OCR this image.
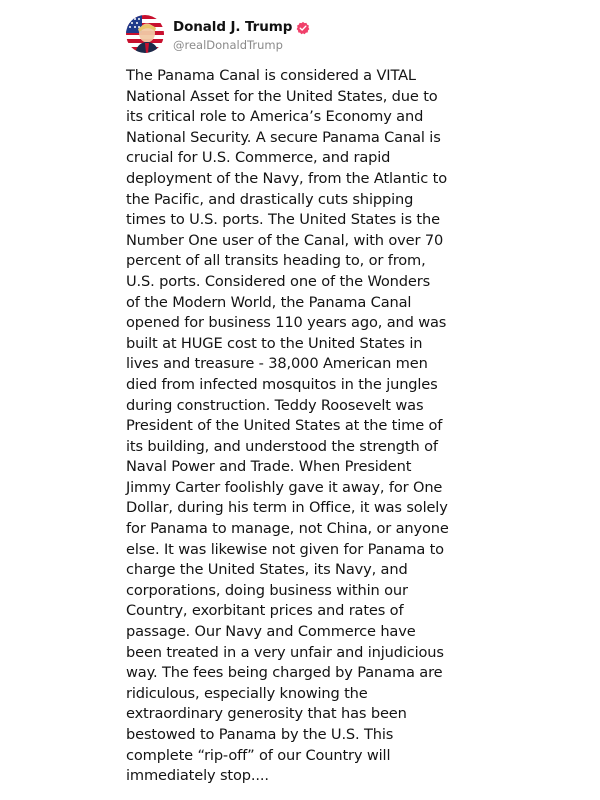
Donald J. Trump
@realDonaldTrump

The Panama Canal is considered a VITAL
National Asset for the United States, due to
its critical role to America’s Economy and
National Security. A secure Panama Canal is
crucial for U.S. Commerce, and rapid
deployment of the Navy, from the Atlantic to
the Pacific, and drastically cuts shipping
times to U.S. ports. The United States is the
Number One user of the Canal, with over 70
percent of all transits heading to, or from,
U.S. ports. Considered one of the Wonders
of the Modern World, the Panama Canal
opened for business 110 years ago, and was
built at HUGE cost to the United States in
lives and treasure - 38,000 American men
died from infected mosquitos in the jungles
during construction. Teddy Roosevelt was
President of the United States at the time of
its building, and understood the strength of
Naval Power and Trade. When President
Jimmy Carter foolishly gave it away, for One
Dollar, during his term in Office, it was solely
for Panama to manage, not China, or anyone
else. It was likewise not given for Panama to
charge the United States, its Navy, and
corporations, doing business within our
Country, exorbitant prices and rates of
passage. Our Navy and Commerce have
been treated in a very unfair and injudicious
way. The fees being charged by Panama are
ridiculous, especially knowing the
extraordinary generosity that has been
bestowed to Panama by the U.S. This
complete “rip-off” of our Country will
immediately stop....
